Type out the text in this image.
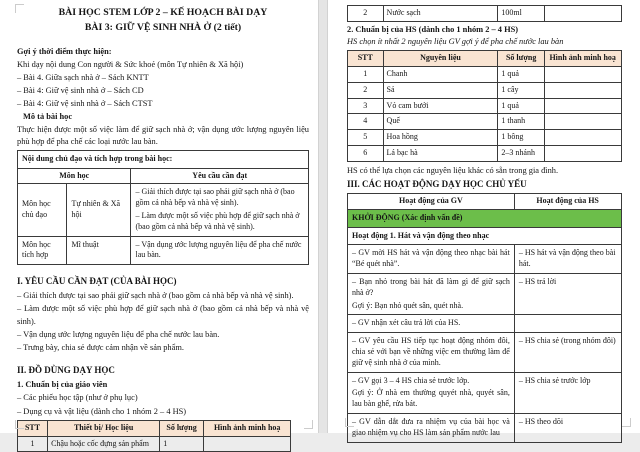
BÀI HỌC STEM LỚP 2 – KẾ HOẠCH BÀI DẠY

BÀI 3: GIỮ VỆ SINH NHÀ Ở (2 tiết)

Gợi ý thời điểm thực hiện:

Khi dạy nội dung Con người & Sức khoẻ (môn Tự nhiên & Xã hội)

– Bài 4. Giữa sạch nhà ở – Sách KNTT

– Bài 4: Giữ vệ sinh nhà ở – Sách CD

– Bài 4: Giữ vệ sinh nhà ở – Sách CTST

Mô tả bài học

Thực hiện được một số việc làm để giữ sạch nhà ở; vận dụng ước lượng nguyên liệu phù hợp để pha chế các loại nước lau bàn.

Nội dung chủ đạo và tích hợp trong bài học:		
Môn học		Yêu cầu cần đạt
Môn học chủ đạo	Tự nhiên & Xã hội	– Giải thích được tại sao phải giữ sạch nhà ở (bao gồm cả nhà bếp và nhà vệ sinh).

– Làm được một số việc phù hợp để giữ sạch nhà ở (bao gồm cả nhà bếp và nhà vệ sinh).

Môn học tích hợp	Mĩ thuật	– Vận dụng ước lượng nguyên liệu để pha chế nước lau bàn.

I. YÊU CẦU CẦN ĐẠT (CỦA BÀI HỌC)

– Giải thích được tại sao phải giữ sạch nhà ở (bao gồm cả nhà bếp và nhà vệ sinh).

– Làm được một số việc phù hợp để giữ sạch nhà ở (bao gồm cả nhà bếp và nhà vệ sinh).

– Vận dụng ước lượng nguyên liệu để pha chế nước lau bàn.

– Trưng bày, chia sẻ được cảm nhận về sản phẩm.

II. ĐỒ DÙNG DẠY HỌC

1. Chuẩn bị của giáo viên

– Các phiếu học tập (như ở phụ lục)

– Dụng cụ và vật liệu (dành cho 1 nhóm 2 – 4 HS)

STT	Thiết bị/ Học liệu	Số lượng	Hình ảnh minh hoạ
1	Chậu hoặc cốc đựng sản phẩm	1	
2	Nước sạch	100ml	

2. Chuẩn bị của HS (dành cho 1 nhóm 2 – 4 HS)

HS chọn ít nhất 2 nguyên liệu GV gợi ý để pha chế nước lau bàn

STT	Nguyên liệu	Số lượng	Hình ảnh minh hoạ
1	Chanh	1 quả	
2	Sả	1 cây	
3	Vỏ cam bưởi	1 quả	
4	Quế	1 thanh	
5	Hoa hồng	1 bông	
6	Lá bạc hà	2–3 nhánh	

HS có thể lựa chọn các nguyên liệu khác có sẵn trong gia đình.

III. CÁC HOẠT ĐỘNG DẠY HỌC CHỦ YẾU

Hoạt động của GV	Hoạt động của HS
KHỞI ĐỘNG (Xác định vấn đề)	
Hoạt động 1. Hát và vận động theo nhạc	

– GV mời HS hát và vận động theo nhạc bài hát “Bé quét nhà”.	– HS hát và vận động theo bài hát.

– Bạn nhỏ trong bài hát đã làm gì để giữ sạch nhà ở?

Gợi ý: Bạn nhỏ quét sân, quét nhà.	– HS trả lời

– GV nhận xét câu trả lời của HS.	

– GV yêu cầu HS tiếp tục hoạt động nhóm đôi, chia sẻ với bạn về những việc em thường làm để giữ vệ sinh nhà ở của mình.	– HS chia sẻ (trong nhóm đôi)

– GV gọi 3 – 4 HS chia sẻ trước lớp.

Gợi ý: Ở nhà em thường quyét nhà, quyét sân, lau bàn ghế, rửa bát.	– HS chia sẻ trước lớp

– GV dẫn dắt đưa ra nhiệm vụ của bài học và giao nhiệm vụ cho HS làm sản phẩm nước lau	– HS theo dõi
